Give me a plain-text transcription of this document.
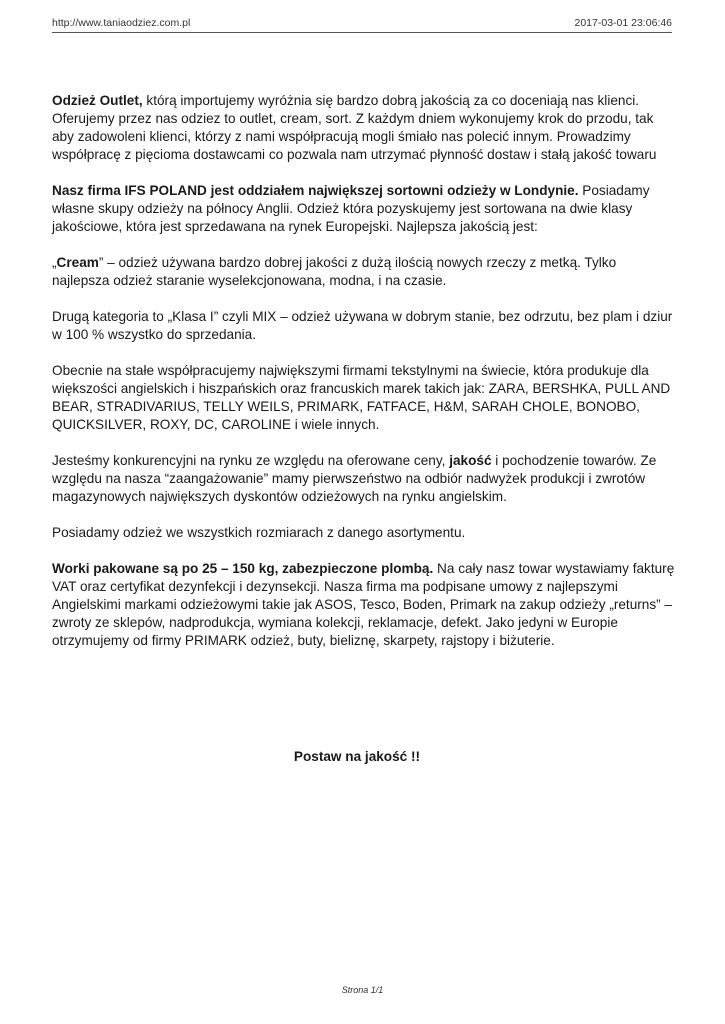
http://www.taniaodziez.com.pl	2017-03-01 23:06:46

Odzież Outlet, którą importujemy wyróżnia się bardzo dobrą jakością za co doceniają nas klienci. Oferujemy przez nas odziez to outlet, cream, sort. Z każdym dniem wykonujemy krok do przodu, tak aby zadowoleni klienci, którzy z nami współpracują mogli śmiało nas polecić innym. Prowadzimy współpracę z pięcioma dostawcami co pozwala nam utrzymać płynność dostaw i stałą jakość towaru

Nasz firma IFS POLAND jest oddziałem największej sortowni odzieży w Londynie. Posiadamy własne skupy odzieży na północy Anglii. Odzież która pozyskujemy jest sortowana na dwie klasy jakościowe, która jest sprzedawana na rynek Europejski. Najlepsza jakością jest:

„Cream” – odzież używana bardzo dobrej jakości z dużą ilością nowych rzeczy z metką. Tylko najlepsza odzież staranie wyselekcjonowana, modna, i na czasie.

Drugą kategoria to „Klasa I” czyli MIX – odzież używana w dobrym stanie, bez odrzutu, bez plam i dziur w 100 % wszystko do sprzedania.

Obecnie na stałe współpracujemy największymi firmami tekstylnymi na świecie, która produkuje dla większości angielskich i hiszpańskich oraz francuskich marek takich jak: ZARA, BERSHKA, PULL AND BEAR, STRADIVARIUS, TELLY WEILS, PRIMARK, FATFACE, H&M, SARAH CHOLE, BONOBO, QUICKSILVER, ROXY, DC, CAROLINE i wiele innych.

Jesteśmy konkurencyjni na rynku ze względu na oferowane ceny, jakość i pochodzenie towarów. Ze względu na nasza “zaangażowanie” mamy pierwszeństwo na odbiór nadwyżek produkcji i zwrotów magazynowych największych dyskontów odzieżowych na rynku angielskim.

Posiadamy odzież we wszystkich rozmiarach z danego asortymentu.

Worki pakowane są po 25 – 150 kg, zabezpieczone plombą. Na cały nasz towar wystawiamy fakturę VAT oraz certyfikat dezynfekcji i dezynsekcji. Nasza firma ma podpisane umowy z najlepszymi Angielskimi markami odzieżowymi takie jak ASOS, Tesco, Boden, Primark na zakup odzieży „returns” – zwroty ze sklepów, nadprodukcja, wymiana kolekcji, reklamacje, defekt. Jako jedyni w Europie otrzymujemy od firmy PRIMARK odzież, buty, bieliznę, skarpety, rajstopy i biżuterie.

Postaw na jakość !!
Strona 1/1
